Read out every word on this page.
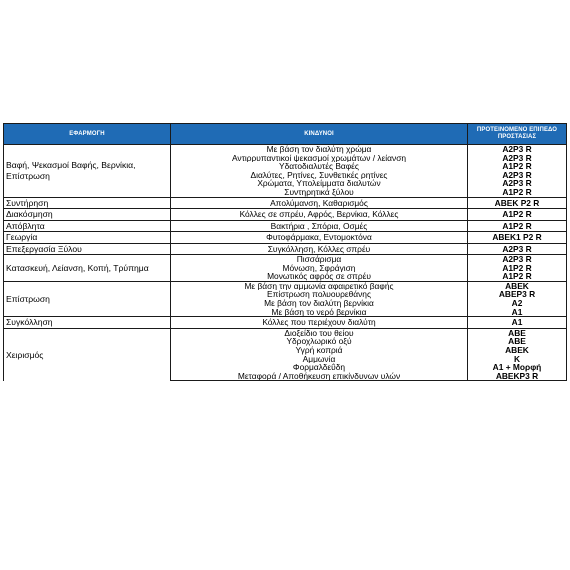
ΕΦΑΡΜΟΓΗ	ΚΙΝΔΥΝΟΙ	ΠΡΟΤΕΙΝΟΜΕΝΟ ΕΠΙΠΕΔΟ ΠΡΟΣΤΑΣΙΑΣ
Βαφή, Ψεκασμοί Βαφής, Βερνίκια, Επίστρωση	Με βάση τον διαλύτη χρώμα	A2P3 R
	Αντιρρυπαντικοί ψεκασμοί χρωμάτων / λείανση	A2P3 R
	Υδατοδιαλυτές Βαφές	A1P2 R
	Διαλύτες, Ρητίνες, Συνθετικές ρητίνες	A2P3 R
	Χρώματα, Υπολείμματα διαλυτών	A2P3 R
	Συντηρητικά ξύλου	A1P2 R
Συντήρηση	Απολύμανση, Καθαρισμός	ABEK P2 R
Διακόσμηση	Κόλλες σε σπρέυ, Αφρός, Βερνίκια, Κόλλες	A1P2 R
Απόβλητα	Βακτήρια , Σπόρια, Οσμές	A1P2 R
Γεωργία	Φυτοφάρμακα, Εντομοκτόνα	ABEK1 P2 R
Επεξεργασία Ξύλου	Συγκόλληση, Κόλλες σπρέυ	A2P3 R
Κατασκευή, Λείανση, Κοπή, Τρύπημα	Πισσάρισμα	A2P3 R
	Μόνωση, Σφράγιση	A1P2 R
	Μονωτικός αφρός σε σπρέυ	A1P2 R
Επίστρωση	Με βάση την αμμωνία αφαιρετικό βαφής	ABEK
	Επίστρωση πολυουρεθάνης	ABEP3 R
	Με βάση τον διαλύτη βερνίκια	A2
	Με βάση το νερό βερνίκια	A1
Συγκόλληση	Κόλλες που περιέχουν διαλύτη	A1
Χειρισμός	Διοξείδιο του θείου	ABE
	Υδροχλωρικό οξύ	ABE
	Υγρή κοπριά	ABEK
	Αμμωνία	K
	Φορμαλδεΰδη	A1 + Μορφή
	Μεταφορά / Αποθήκευση επικίνδυνων υλών	ABEKP3 R
